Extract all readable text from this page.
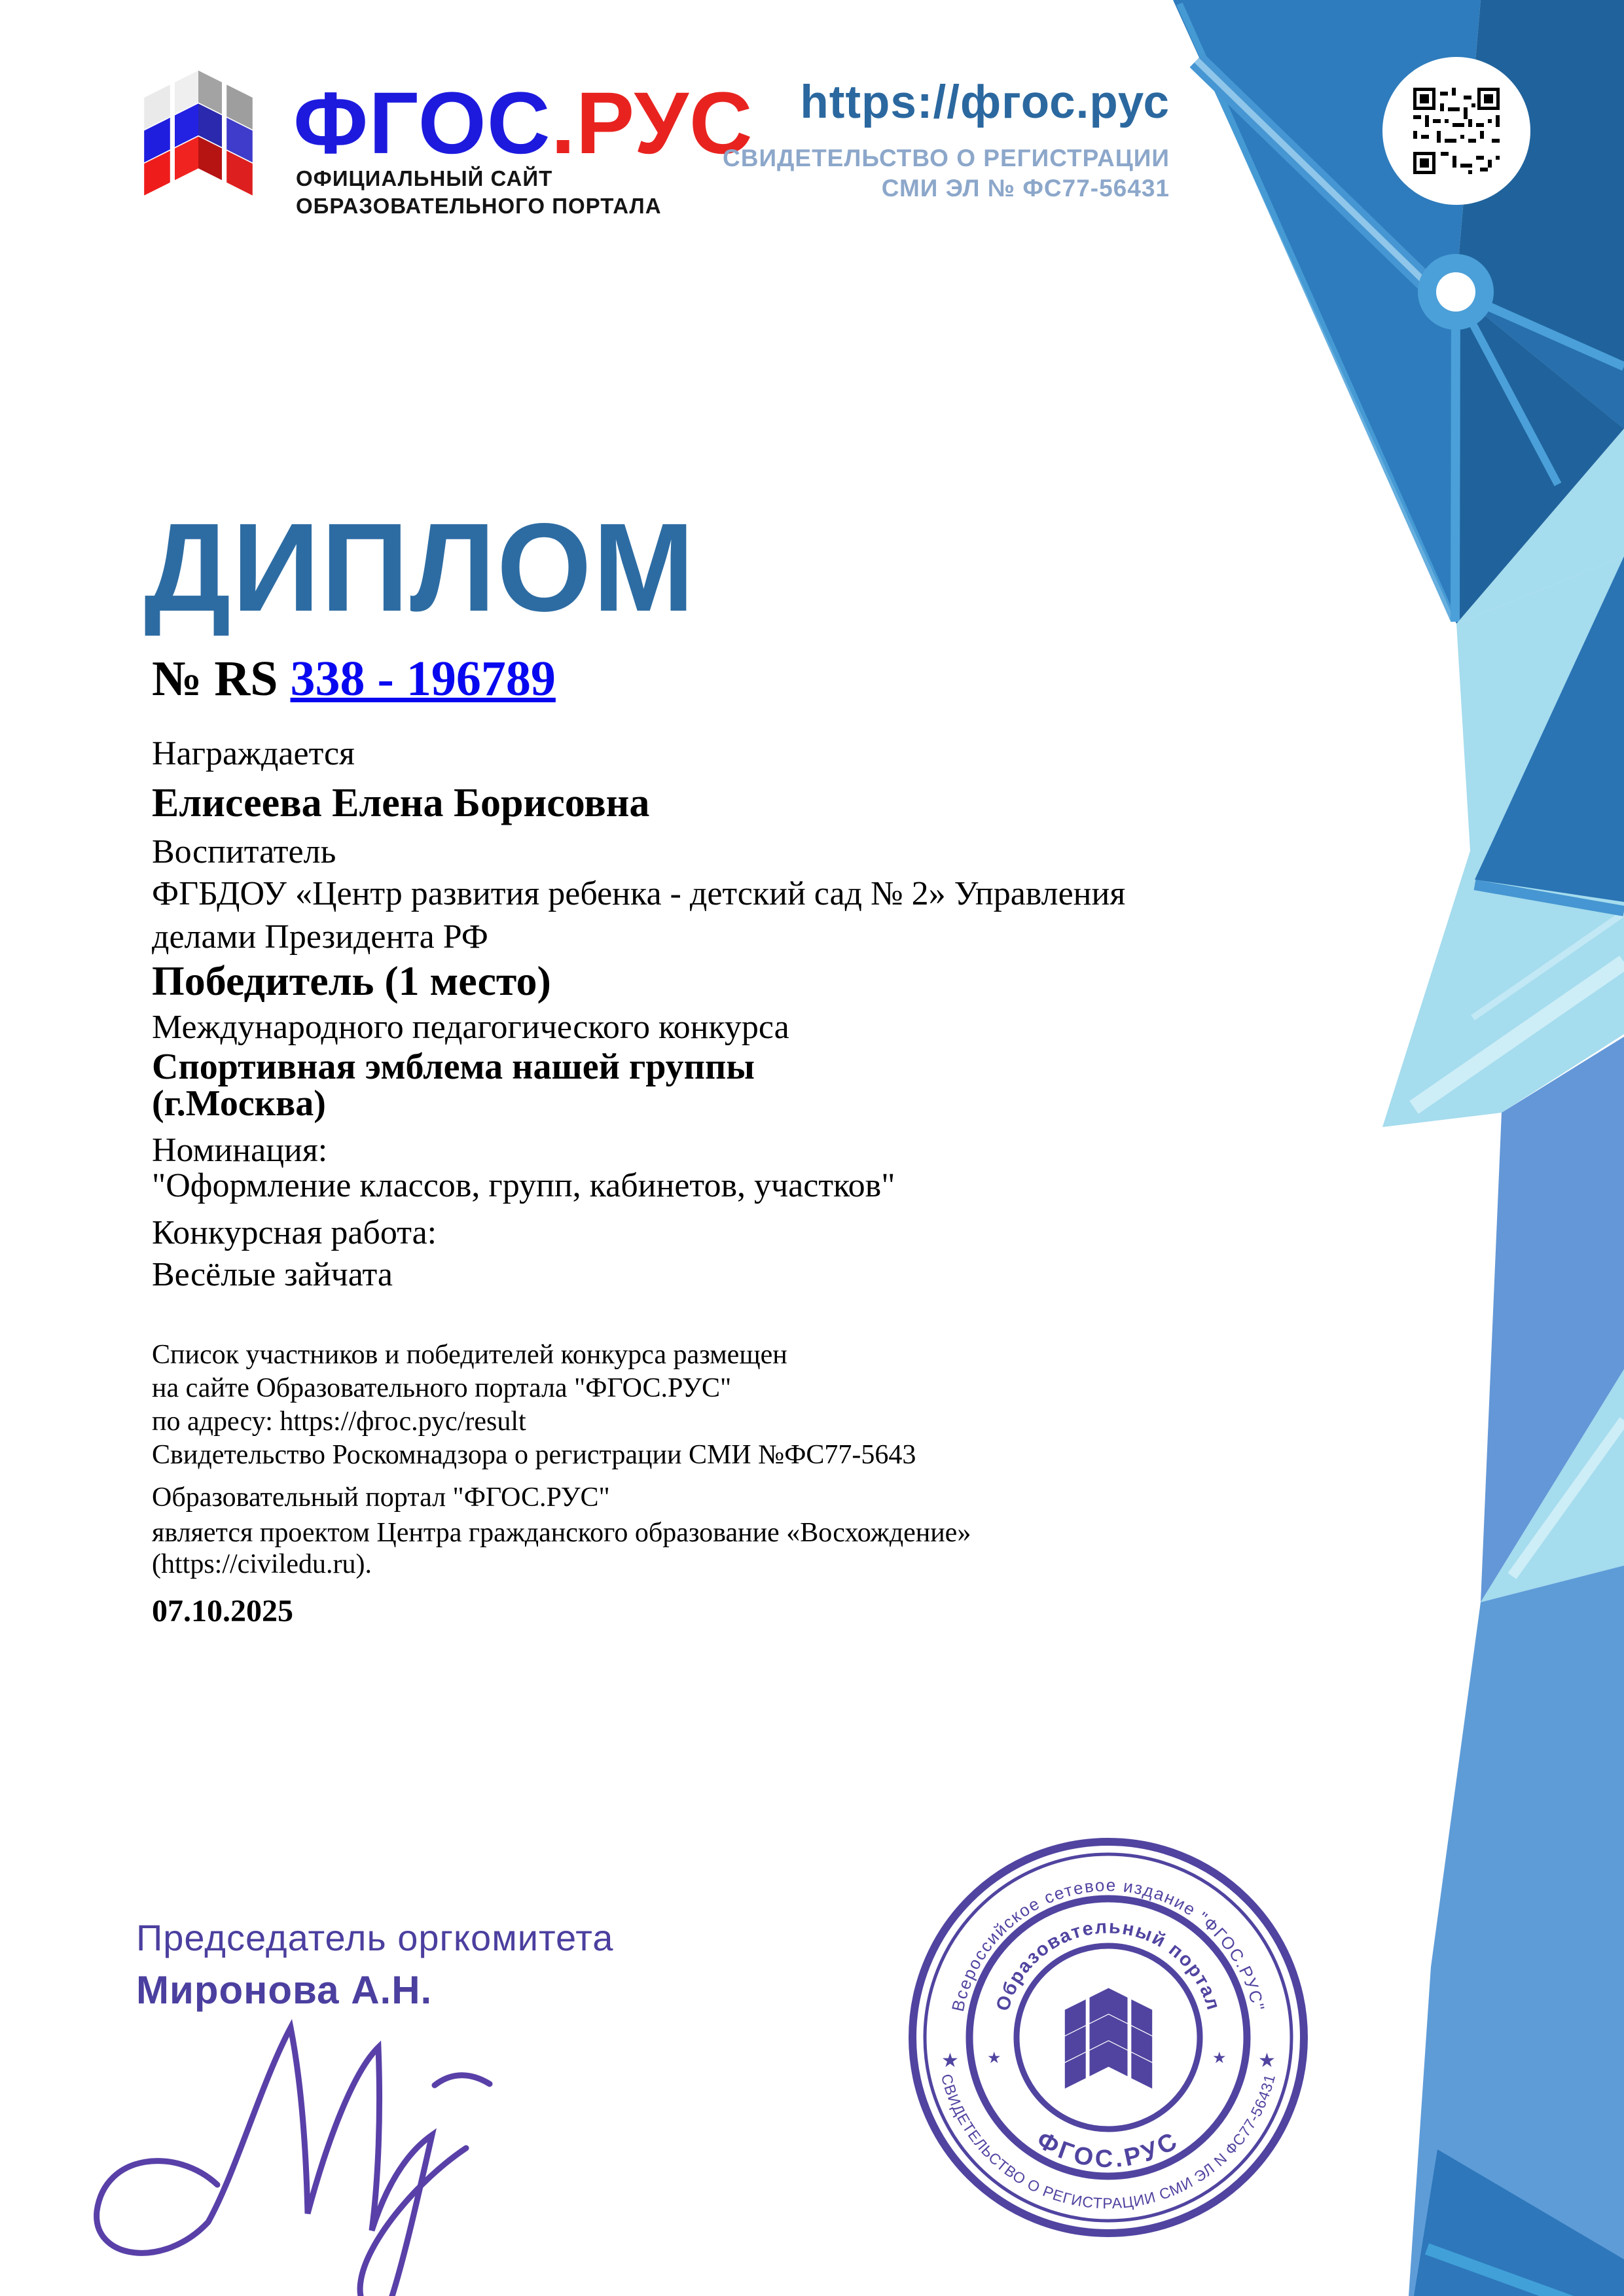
ФГОС.РУС
ОФИЦИАЛЬНЫЙ САЙТ
ОБРАЗОВАТЕЛЬНОГО ПОРТАЛА
https://фгос.рус
СВИДЕТЕЛЬСТВО О РЕГИСТРАЦИИ
СМИ ЭЛ № ФС77-56431
ДИПЛОМ
№ RS 338 - 196789

Награждается

Елисеева Елена Борисовна

Воспитатель

ФГБДОУ «Центр развития ребенка - детский сад № 2» Управления

делами Президента РФ

Победитель (1 место)

Международного педагогического конкурса

Спортивная эмблема нашей группы

(г.Москва)

Номинация:

"Оформление классов, групп, кабинетов, участков"

Конкурсная работа:

Весёлые зайчата

Список участников и победителей конкурса размещен

на сайте Образовательного портала "ФГОС.РУС"

по адресу: https://фгос.рус/result

Свидетельство Роскомнадзора о регистрации СМИ №ФС77-5643

Образовательный портал "ФГОС.РУС"

является проектом Центра гражданского образование «Восхождение»

(https://civiledu.ru).

07.10.2025

Председатель оргкомитета
Миронова А.Н.	Всероссийское сетевое издание "ФГОС.РУС"
СВИДЕТЕЛЬСТВО О РЕГИСТРАЦИИ СМИ ЭЛ N ФС77-56431
Образовательный портал
ФГОС.РУС
★	★
★	★
